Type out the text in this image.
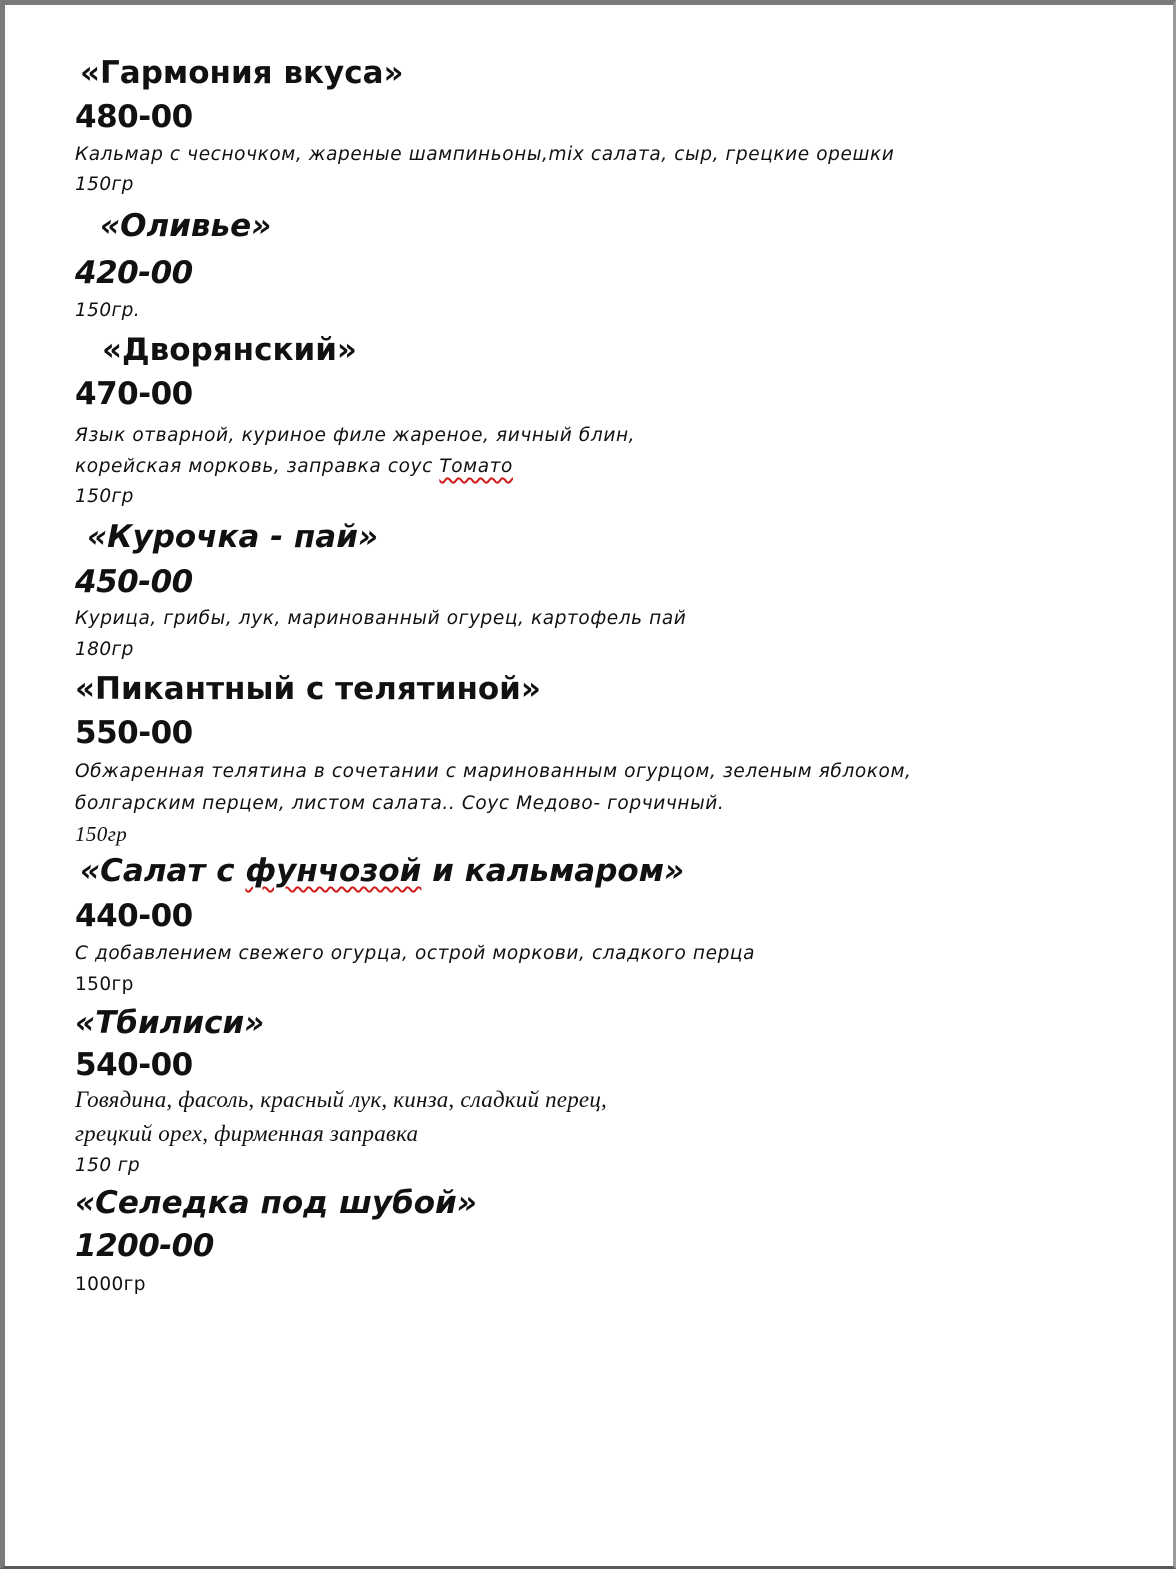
«Гармония вкуса»
480-00
Кальмар с чесночком, жареные шампиньоны,mix салата, сыр, грецкие орешки
150гр
«Оливье»
420-00
150гр.
«Дворянский»
470-00
Язык отварной, куриное филе жареное, яичный блин,
корейская морковь, заправка соус Томато
150гр
«Курочка - пай»
450-00
Курица, грибы, лук, маринованный огурец, картофель пай
180гр
«Пикантный с телятиной»
550-00
Обжаренная телятина в сочетании с маринованным огурцом, зеленым яблоком,
болгарским перцем, листом салата.. Соус Медово- горчичный.
150гр
«Салат с фунчозой и кальмаром»
440-00
С добавлением свежего огурца, острой моркови, сладкого перца
150гр
«Тбилиси»
540-00
Говядина, фасоль, красный лук, кинза, сладкий перец,
грецкий орех, фирменная заправка
150 гр
«Селедка под шубой»
1200-00
1000гр
